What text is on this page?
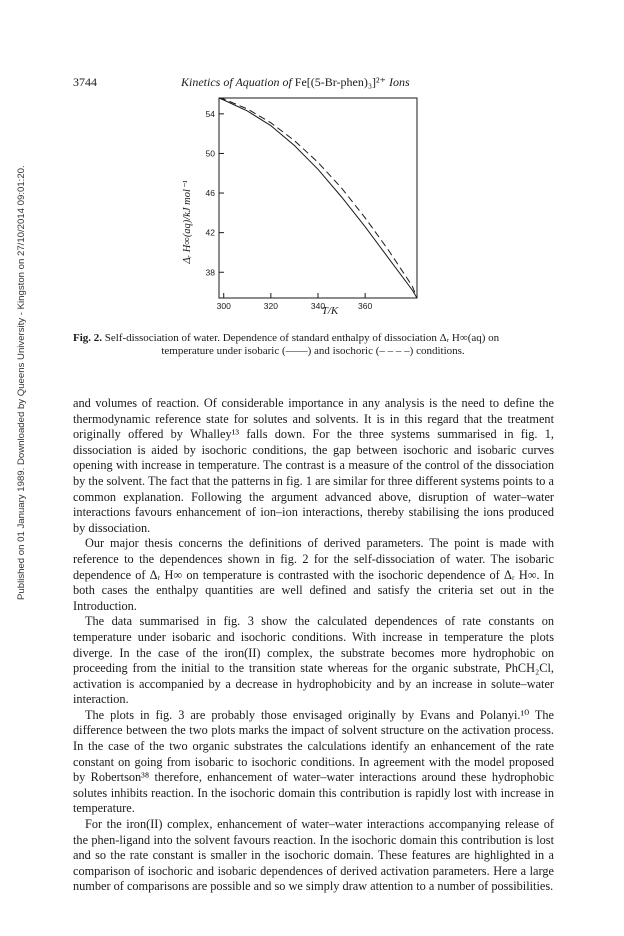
Published on 01 January 1989. Downloaded by Queens University - Kingston on 27/10/2014 09:01:20.
3744	Kinetics of Aquation of Fe[(5-Br-phen)₃]²⁺ Ions
38
42
46
50
54
300	320	340	360
Δᵣ H∞(aq)/kJ mol⁻¹
T/K
Fig. 2. Self-dissociation of water. Dependence of standard enthalpy of dissociation Δᵣ H∞(aq) on
temperature under isobaric (——) and isochoric (– – – –) conditions.

and volumes of reaction. Of considerable importance in any analysis is the need to define the thermodynamic reference state for solutes and solvents. It is in this regard that the treatment originally offered by Whalley¹³ falls down. For the three systems summarised in fig. 1, dissociation is aided by isochoric conditions, the gap between isochoric and isobaric curves opening with increase in temperature. The contrast is a measure of the control of the dissociation by the solvent. The fact that the patterns in fig. 1 are similar for three different systems points to a common explanation. Following the argument advanced above, disruption of water–water interactions favours enhancement of ion–ion interactions, thereby stabilising the ions produced by dissociation.

Our major thesis concerns the definitions of derived parameters. The point is made with reference to the dependences shown in fig. 2 for the self-dissociation of water. The isobaric dependence of Δᵣ H∞ on temperature is contrasted with the isochoric dependence of Δᵣ H∞. In both cases the enthalpy quantities are well defined and satisfy the criteria set out in the Introduction.

The data summarised in fig. 3 show the calculated dependences of rate constants on temperature under isobaric and isochoric conditions. With increase in temperature the plots diverge. In the case of the iron(II) complex, the substrate becomes more hydrophobic on proceeding from the initial to the transition state whereas for the organic substrate, PhCH₂Cl, activation is accompanied by a decrease in hydrophobicity and by an increase in solute–water interaction.

The plots in fig. 3 are probably those envisaged originally by Evans and Polanyi.¹⁰ The difference between the two plots marks the impact of solvent structure on the activation process. In the case of the two organic substrates the calculations identify an enhancement of the rate constant on going from isobaric to isochoric conditions. In agreement with the model proposed by Robertson³⁸ therefore, enhancement of water–water interactions around these hydrophobic solutes inhibits reaction. In the isochoric domain this contribution is rapidly lost with increase in temperature.

For the iron(II) complex, enhancement of water–water interactions accompanying release of the phen-ligand into the solvent favours reaction. In the isochoric domain this contribution is lost and so the rate constant is smaller in the isochoric domain. These features are highlighted in a comparison of isochoric and isobaric dependences of derived activation parameters. Here a large number of comparisons are possible and so we simply draw attention to a number of possibilities.
